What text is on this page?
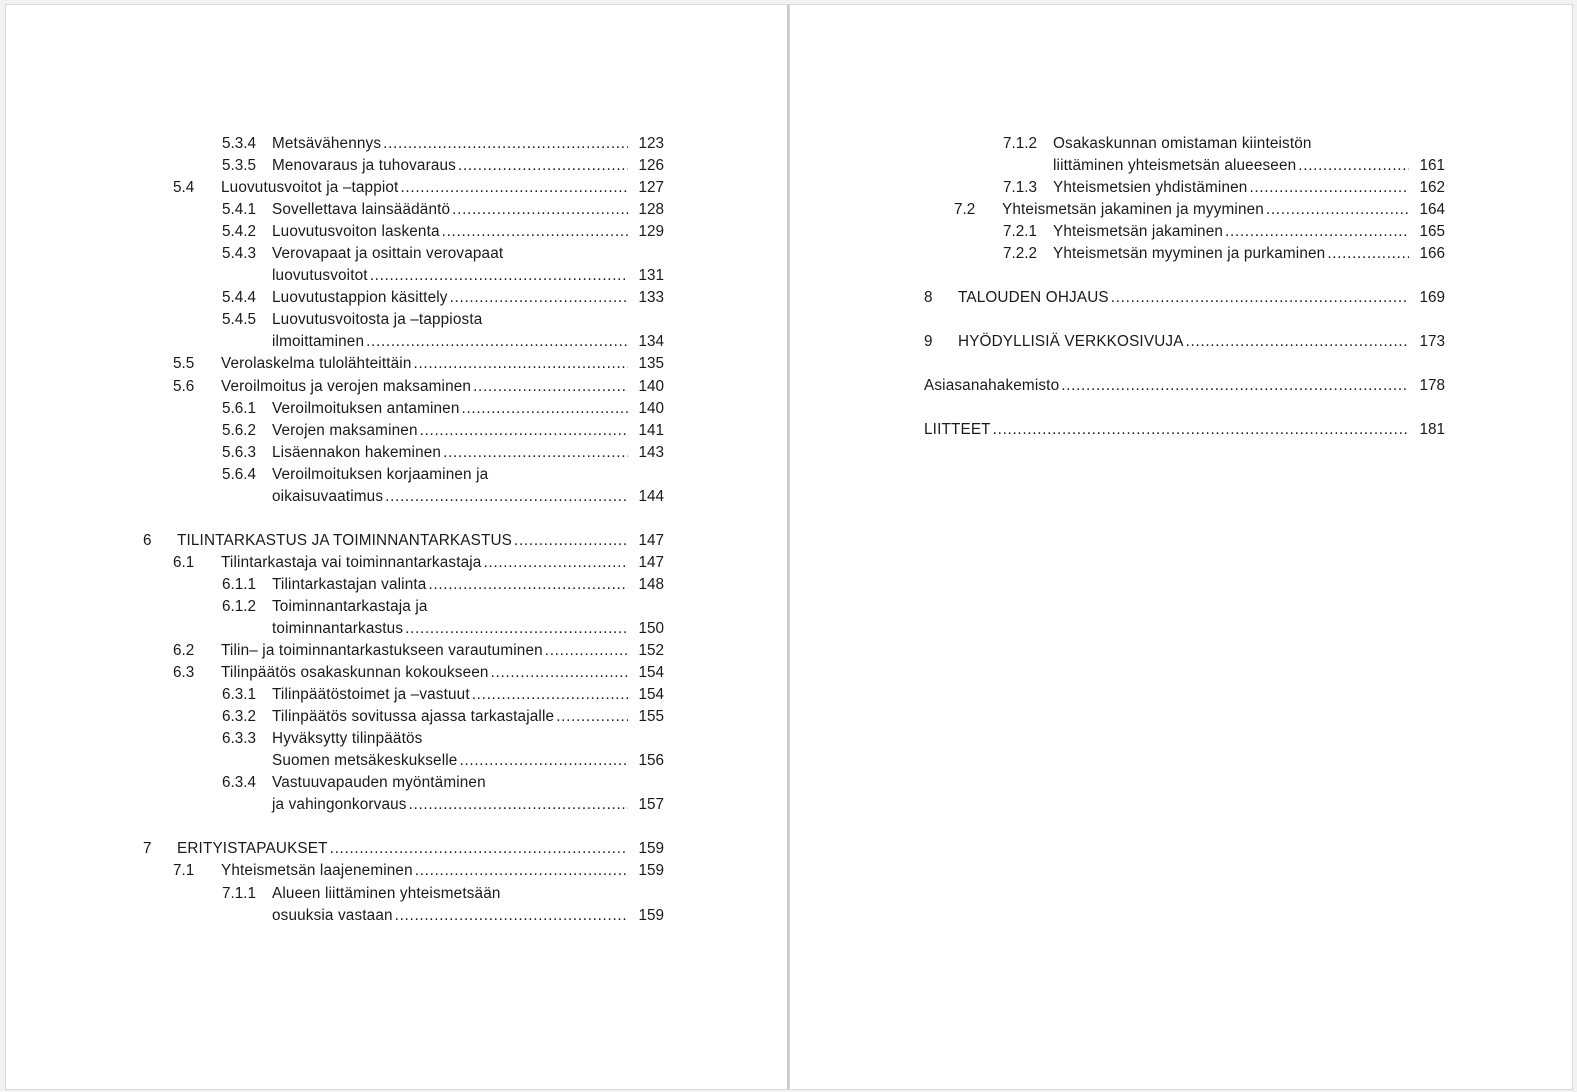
5.3.4	Metsävähennys .....	123
5.3.5	Menovaraus ja tuhovaraus .....	126
5.4	Luovutusvoitot ja –tappiot .....	127
5.4.1	Sovellettava lainsäädäntö .....	128
5.4.2	Luovutusvoiton laskenta .....	129
5.4.3	Verovapaat ja osittain verovapaat
luovutusvoitot .....	131
5.4.4	Luovutustappion käsittely .....	133
5.4.5	Luovutusvoitosta ja –tappiosta
ilmoittaminen .....	134
5.5	Verolaskelma tulolähteittäin .....	135
5.6	Veroilmoitus ja verojen maksaminen .....	140
5.6.1	Veroilmoituksen antaminen .....	140
5.6.2	Verojen maksaminen .....	141
5.6.3	Lisäennakon hakeminen .....	143
5.6.4	Veroilmoituksen korjaaminen ja
oikaisuvaatimus .....	144
6	TILINTARKASTUS JA TOIMINNANTARKASTUS .....	147
6.1	Tilintarkastaja vai toiminnantarkastaja .....	147
6.1.1	Tilintarkastajan valinta .....	148
6.1.2	Toiminnantarkastaja ja
toiminnantarkastus .....	150
6.2	Tilin– ja toiminnantarkastukseen varautuminen .....	152
6.3	Tilinpäätös osakaskunnan kokoukseen .....	154
6.3.1	Tilinpäätöstoimet ja –vastuut .....	154
6.3.2	Tilinpäätös sovitussa ajassa tarkastajalle .....	155
6.3.3	Hyväksytty tilinpäätös
Suomen metsäkeskukselle .....	156
6.3.4	Vastuuvapauden myöntäminen
ja vahingonkorvaus .....	157
7	ERITYISTAPAUKSET .....	159
7.1	Yhteismetsän laajeneminen .....	159
7.1.1	Alueen liittäminen yhteismetsään
osuuksia vastaan .....	159
7.1.2	Osakaskunnan omistaman kiinteistön
liittäminen yhteismetsän alueeseen .....	161
7.1.3	Yhteismetsien yhdistäminen .....	162
7.2	Yhteismetsän jakaminen ja myyminen .....	164
7.2.1	Yhteismetsän jakaminen .....	165
7.2.2	Yhteismetsän myyminen ja purkaminen .....	166
8	TALOUDEN OHJAUS .....	169
9	HYÖDYLLISIÄ VERKKOSIVUJA .....	173
Asiasanahakemisto .....	178
LIITTEET .....	181
